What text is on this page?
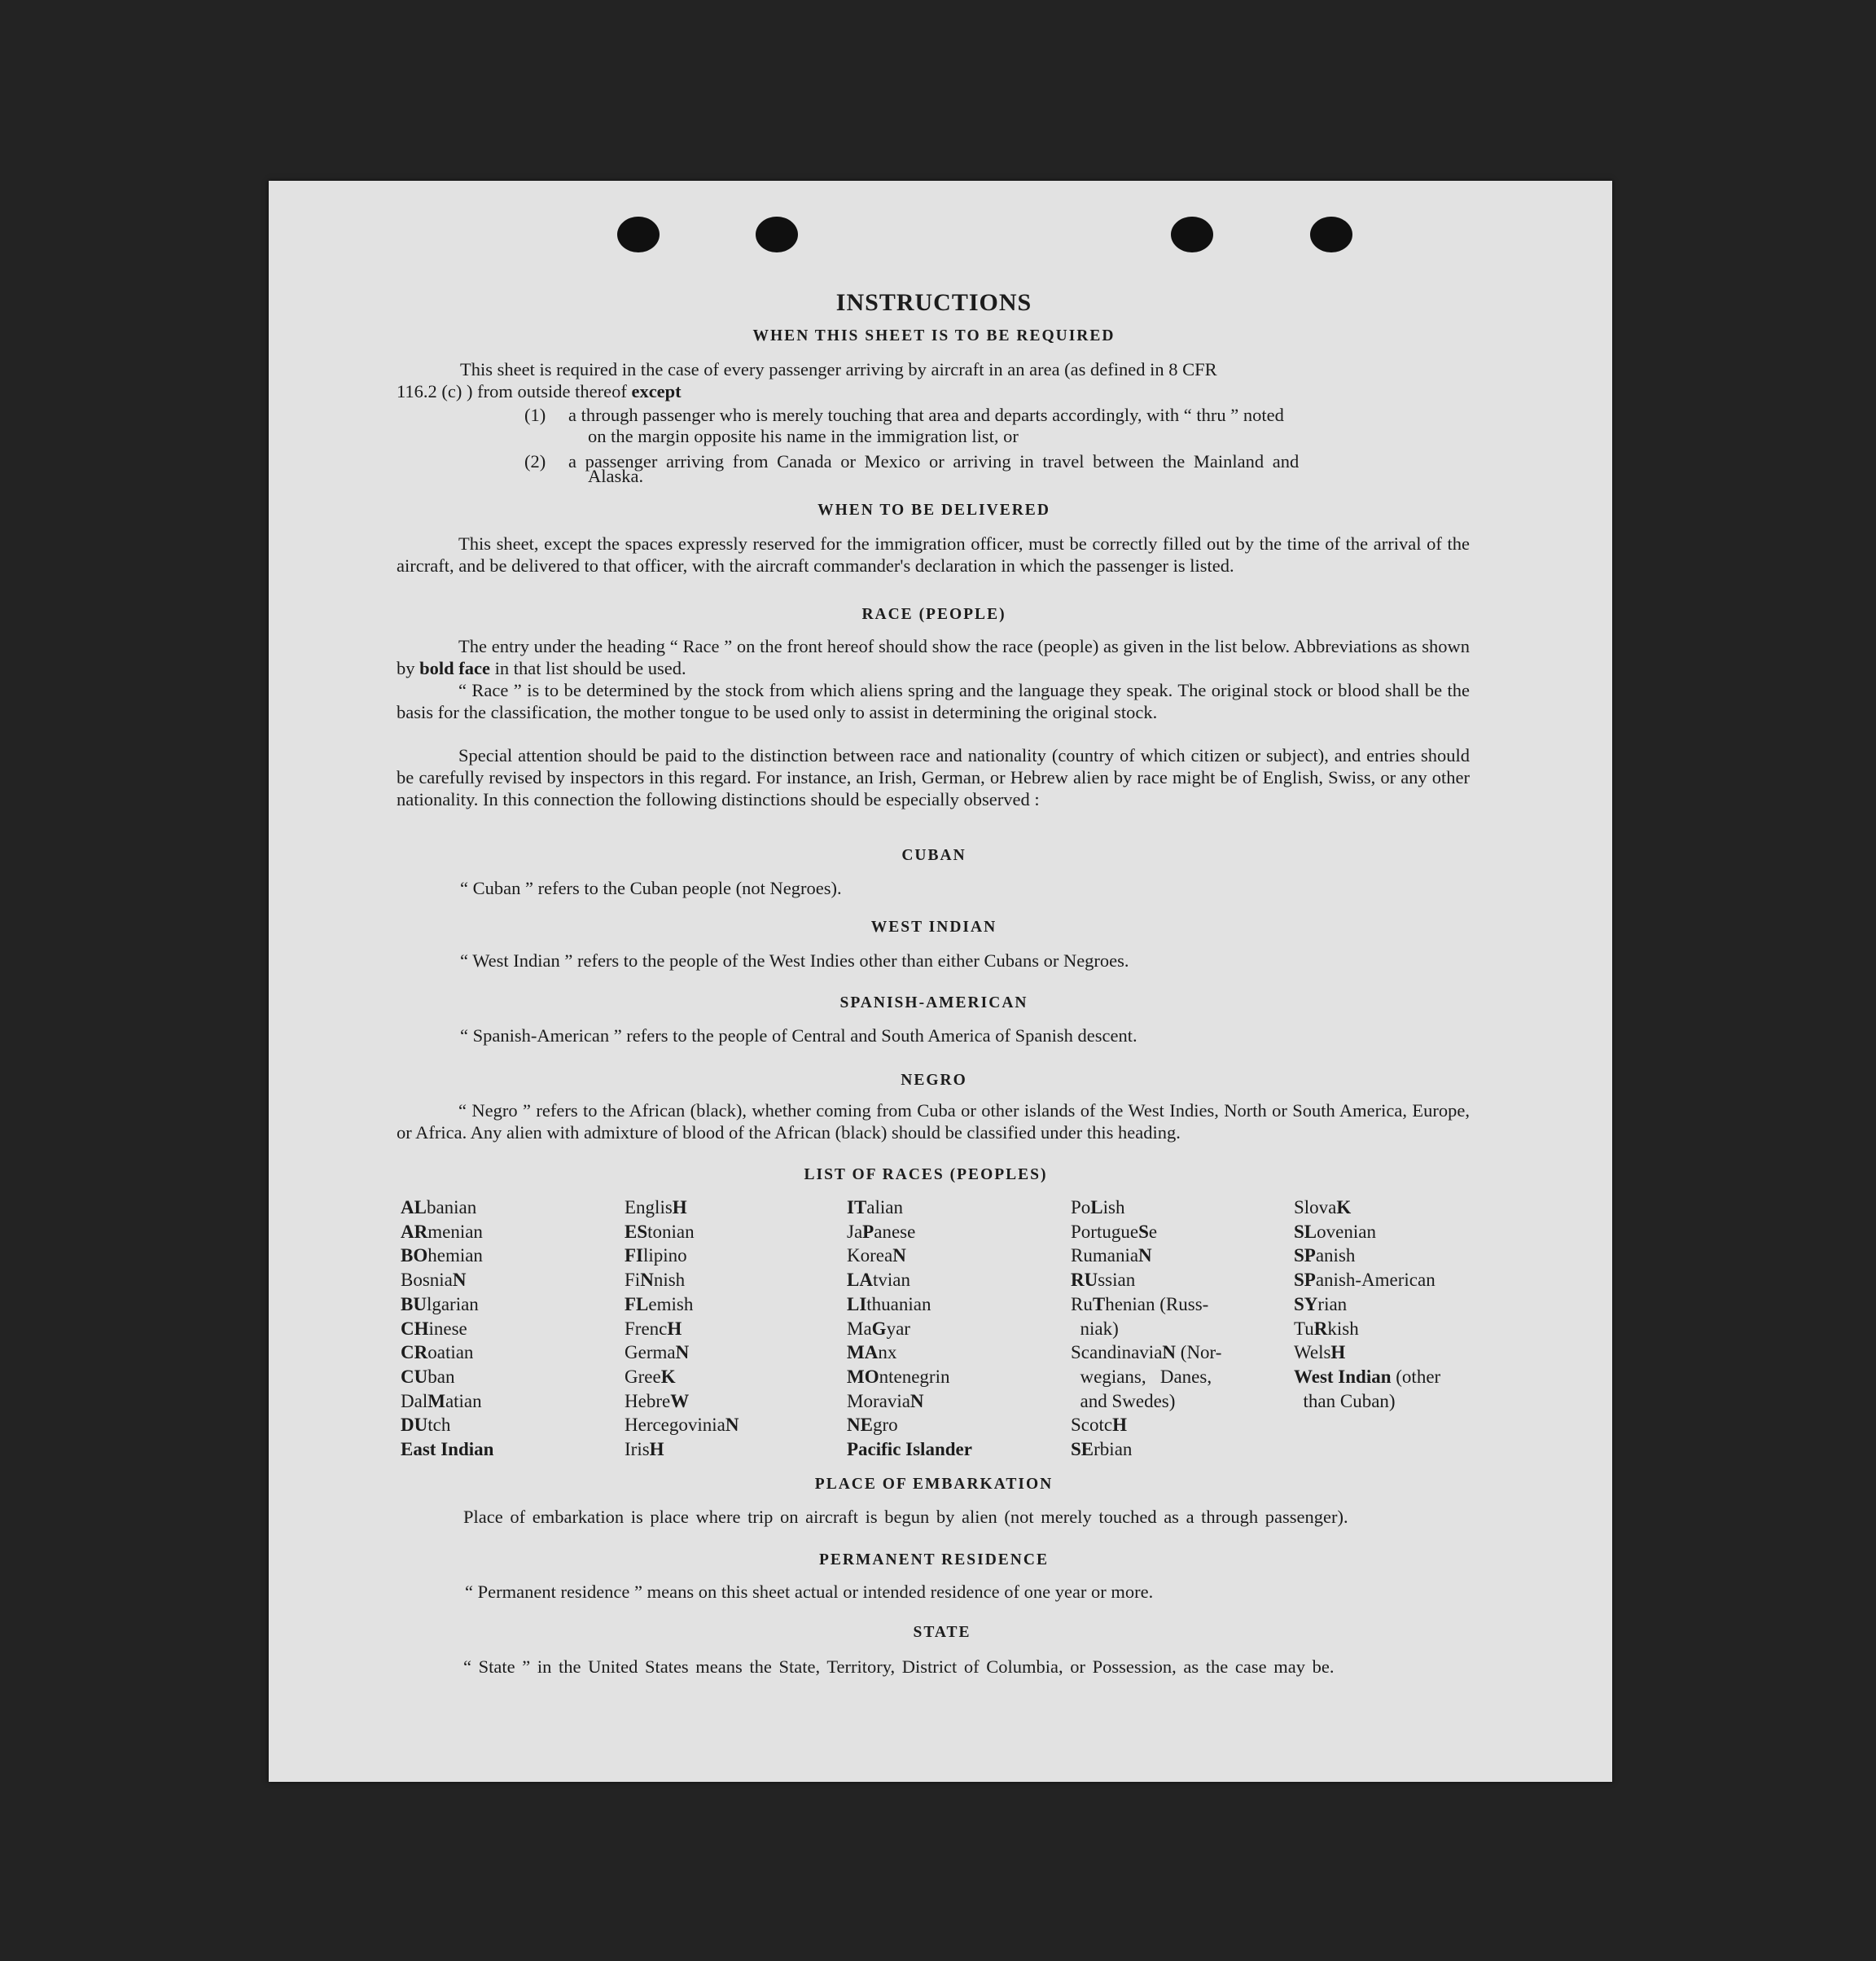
INSTRUCTIONS
WHEN THIS SHEET IS TO BE REQUIRED
This sheet is required in the case of every passenger arriving by aircraft in an area (as defined in 8 CFR
116.2 (c) ) from outside thereof except
(1) a through passenger who is merely touching that area and departs accordingly, with “ thru ” noted
on the margin opposite his name in the immigration list, or
(2) a passenger arriving from Canada or Mexico or arriving in travel between the Mainland and
Alaska.
WHEN TO BE DELIVERED
This sheet, except the spaces expressly reserved for the immigration officer, must be correctly filled out by the time of the arrival of the aircraft, and be delivered to that officer, with the aircraft commander's declaration in which the passenger is listed.
RACE (PEOPLE)
The entry under the heading “ Race ” on the front hereof should show the race (people) as given in the list below. Abbreviations as shown by bold face in that list should be used.
“ Race ” is to be determined by the stock from which aliens spring and the language they speak. The original stock or blood shall be the basis for the classification, the mother tongue to be used only to assist in determining the original stock.
Special attention should be paid to the distinction between race and nationality (country of which citizen or subject), and entries should be carefully revised by inspectors in this regard. For instance, an Irish, German, or Hebrew alien by race might be of English, Swiss, or any other nationality. In this connection the following distinctions should be especially observed :
CUBAN
“ Cuban ” refers to the Cuban people (not Negroes).
WEST INDIAN
“ West Indian ” refers to the people of the West Indies other than either Cubans or Negroes.
SPANISH-AMERICAN
“ Spanish-American ” refers to the people of Central and South America of Spanish descent.
NEGRO
“ Negro ” refers to the African (black), whether coming from Cuba or other islands of the West Indies, North or South America, Europe, or Africa. Any alien with admixture of blood of the African (black) should be classified under this heading.
LIST OF RACES (PEOPLES)
ALbanian
ARmenian
BOhemian
BosniaN
BUlgarian
CHinese
CRoatian
CUban
DalMatian
DUtch
East Indian
EnglisH
EStonian
FIlipino
FiNnish
FLemish
FrencH
GermaN
GreeK
HebreW
HercegoviniaN
IrisH
ITalian
JaPanese
KoreaN
LAtvian
LIthuanian
MaGyar
MAnx
MOntenegrin
MoraviaN
NEgro
Pacific Islander
PoLish
PortugueSe
RumaniaN
RUssian
RuThenian (Russ-
niak)
ScandinaviaN (Nor-
wegians,   Danes,
and Swedes)
ScotcH
SErbian
SlovaK
SLovenian
SPanish
SPanish-American
SYrian
TuRkish
WelsH
West Indian (other
than Cuban)
PLACE OF EMBARKATION
Place of embarkation is place where trip on aircraft is begun by alien (not merely touched as a through passenger).
PERMANENT RESIDENCE
“ Permanent residence ” means on this sheet actual or intended residence of one year or more.
STATE
“ State ” in the United States means the State, Territory, District of Columbia, or Possession, as the case may be.
